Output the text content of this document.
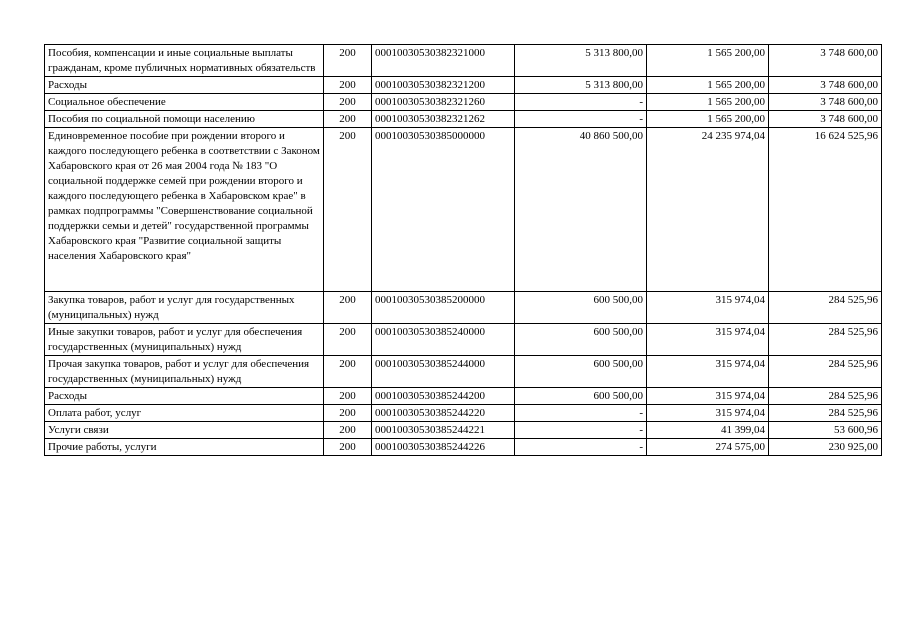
Пособия, компенсации и иные социальные выплаты гражданам, кроме публичных нормативных обязательств	200	00010030530382321000	5 313 800,00	1 565 200,00	3 748 600,00
Расходы	200	00010030530382321200	5 313 800,00	1 565 200,00	3 748 600,00
Социальное обеспечение	200	00010030530382321260	-	1 565 200,00	3 748 600,00
Пособия по социальной помощи населению	200	00010030530382321262	-	1 565 200,00	3 748 600,00
Единовременное пособие при рождении второго и каждого последующего ребенка в соответствии с Законом Хабаровского края от 26 мая 2004 года № 183 "О социальной поддержке семей при рождении второго и каждого последующего ребенка в Хабаровском крае" в рамках подпрограммы "Совершенствование социальной поддержки семьи и детей" государственной программы Хабаровского края "Развитие социальной защиты населения Хабаровского края"	200	00010030530385000000	40 860 500,00	24 235 974,04	16 624 525,96
Закупка товаров, работ и услуг для государственных (муниципальных) нужд	200	00010030530385200000	600 500,00	315 974,04	284 525,96
Иные закупки товаров, работ и услуг для обеспечения государственных (муниципальных) нужд	200	00010030530385240000	600 500,00	315 974,04	284 525,96
Прочая закупка товаров, работ и услуг для обеспечения государственных (муниципальных) нужд	200	00010030530385244000	600 500,00	315 974,04	284 525,96
Расходы	200	00010030530385244200	600 500,00	315 974,04	284 525,96
Оплата работ, услуг	200	00010030530385244220	-	315 974,04	284 525,96
Услуги связи	200	00010030530385244221	-	41 399,04	53 600,96
Прочие работы, услуги	200	00010030530385244226	-	274 575,00	230 925,00
